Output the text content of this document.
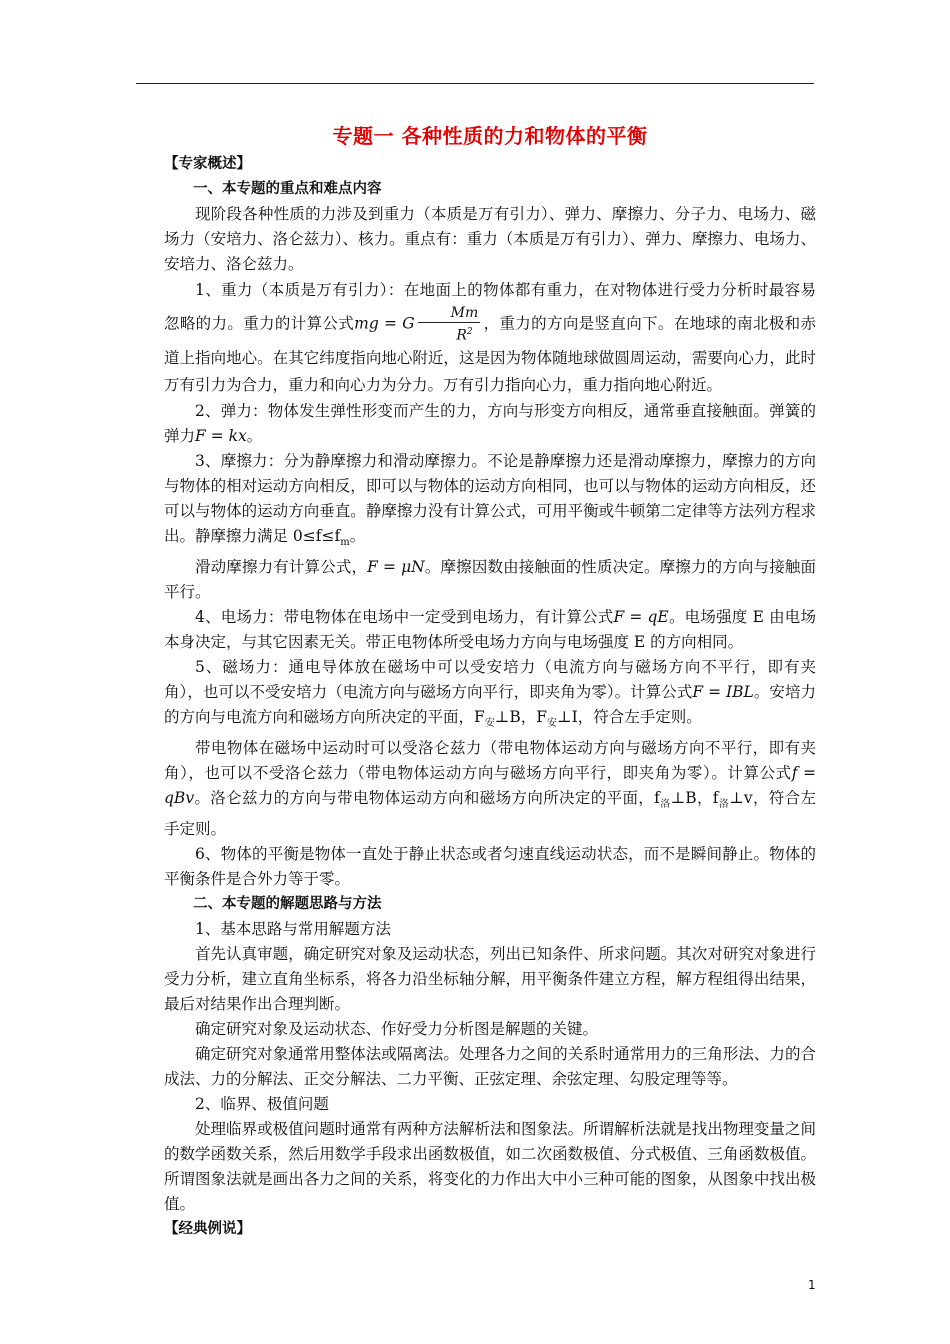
专题一 各种性质的力和物体的平衡
【专家概述】
一、本专题的重点和难点内容
现阶段各种性质的力涉及到重力（本质是万有引力）、弹力、摩擦力、分子力、电场力、磁场力（安培力、洛仑兹力）、核力。重点有：重力（本质是万有引力）、弹力、摩擦力、电场力、安培力、洛仑兹力。
1、重力（本质是万有引力）：在地面上的物体都有重力，在对物体进行受力分析时最容易忽略的力。重力的计算公式mg = G $\frac{Mm}{R^2}$ ，重力的方向是竖直向下。在地球的南北极和赤道上指向地心。在其它纬度指向地心附近，这是因为物体随地球做圆周运动，需要向心力，此时万有引力为合力，重力和向心力为分力。万有引力指向心力，重力指向地心附近。
2、弹力：物体发生弹性形变而产生的力，方向与形变方向相反，通常垂直接触面。弹簧的弹力F = kx。
3、摩擦力：分为静摩擦力和滑动摩擦力。不论是静摩擦力还是滑动摩擦力，摩擦力的方向与物体的相对运动方向相反，即可以与物体的运动方向相同，也可以与物体的运动方向相反，还可以与物体的运动方向垂直。静摩擦力没有计算公式，可用平衡或牛顿第二定律等方法列方程求出。静摩擦力满足 $0\le f\le f_m$。
滑动摩擦力有计算公式，F = μN。摩擦因数由接触面的性质决定。摩擦力的方向与接触面平行。
4、电场力：带电物体在电场中一定受到电场力，有计算公式F = qE。电场强度 E 由电场本身决定，与其它因素无关。带正电物体所受电场力方向与电场强度 E 的方向相同。
5、磁场力：通电导体放在磁场中可以受安培力（电流方向与磁场方向不平行，即有夹角），也可以不受安培力（电流方向与磁场方向平行，即夹角为零）。计算公式F = IBL。安培力的方向与电流方向和磁场方向所决定的平面，$F_安\perp B$，$F_安\perp I$，符合左手定则。
带电物体在磁场中运动时可以受洛仑兹力（带电物体运动方向与磁场方向不平行，即有夹角），也可以不受洛仑兹力（带电物体运动方向与磁场方向平行，即夹角为零）。计算公式f = qBv。洛仑兹力的方向与带电物体运动方向和磁场方向所决定的平面，$f_洛\perp B$，$f_洛\perp v$，符合左手定则。
6、物体的平衡是物体一直处于静止状态或者匀速直线运动状态，而不是瞬间静止。物体的平衡条件是合外力等于零。
二、本专题的解题思路与方法
1、基本思路与常用解题方法
首先认真审题，确定研究对象及运动状态，列出已知条件、所求问题。其次对研究对象进行受力分析，建立直角坐标系，将各力沿坐标轴分解，用平衡条件建立方程，解方程组得出结果，最后对结果作出合理判断。
确定研究对象及运动状态、作好受力分析图是解题的关键。
确定研究对象通常用整体法或隔离法。处理各力之间的关系时通常用力的三角形法、力的合成法、力的分解法、正交分解法、二力平衡、正弦定理、余弦定理、勾股定理等等。
2、临界、极值问题
处理临界或极值问题时通常有两种方法解析法和图象法。所谓解析法就是找出物理变量之间的数学函数关系，然后用数学手段求出函数极值，如二次函数极值、分式极值、三角函数极值。所谓图象法就是画出各力之间的关系，将变化的力作出大中小三种可能的图象，从图象中找出极值。
【经典例说】
1
